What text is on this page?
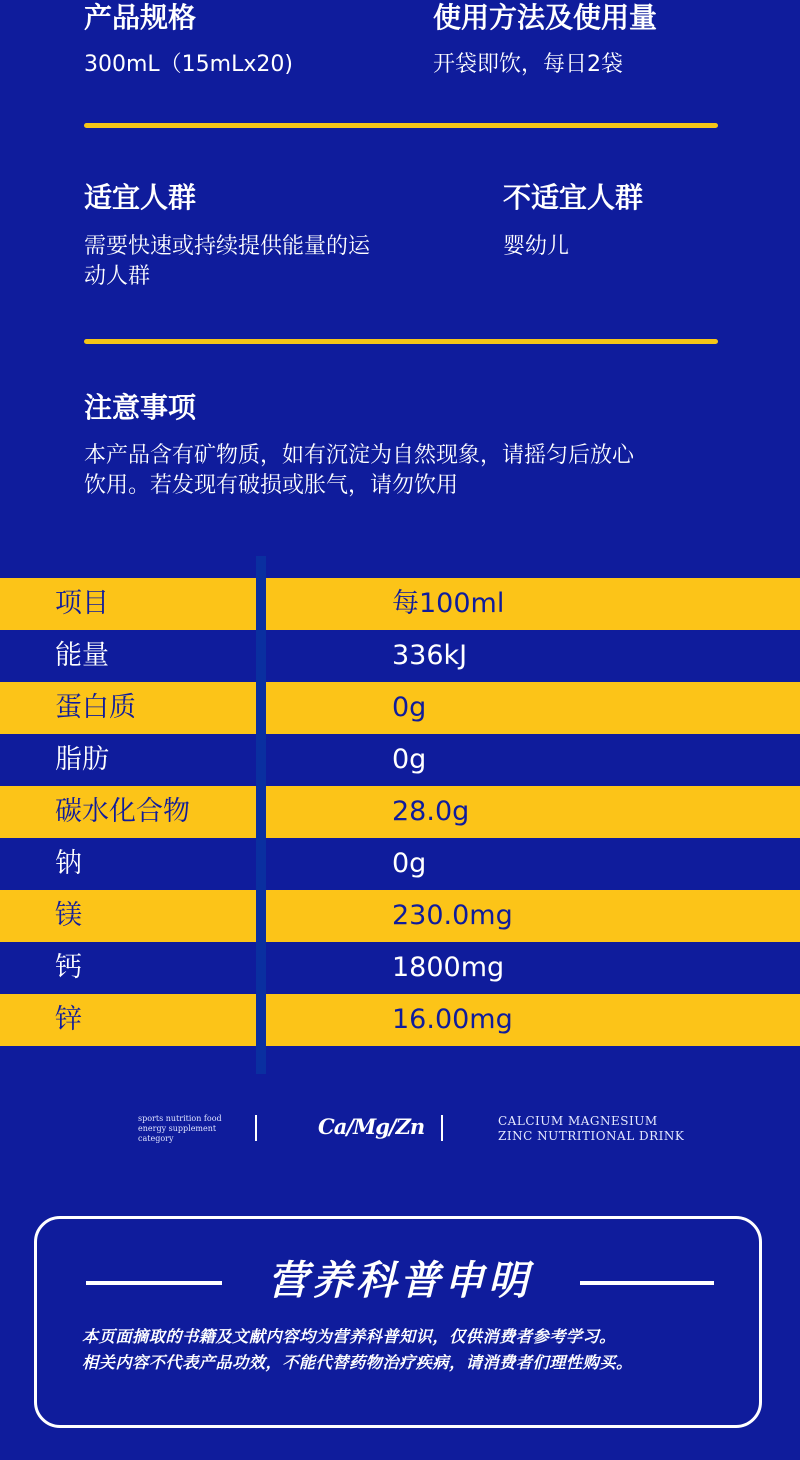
产品规格
300mL（15mLx20)
使用方法及使用量
开袋即饮，每日2袋
适宜人群
需要快速或持续提供能量的运
动人群
不适宜人群
婴幼儿
注意事项
本产品含有矿物质，如有沉淀为自然现象，请摇匀后放心
饮用。若发现有破损或胀气，请勿饮用
项目	每100ml
能量	336kJ
蛋白质	0g
脂肪	0g
碳水化合物	28.0g
钠	0g
镁	230.0mg
钙	1800mg
锌	16.00mg
sports nutrition food
energy supplement
category	Ca/Mg/Zn	CALCIUM MAGNESIUM
ZINC NUTRITIONAL DRINK
营养科普申明
本页面摘取的书籍及文献内容均为营养科普知识，仅供消费者参考学习。
相关内容不代表产品功效，不能代替药物治疗疾病，请消费者们理性购买。
